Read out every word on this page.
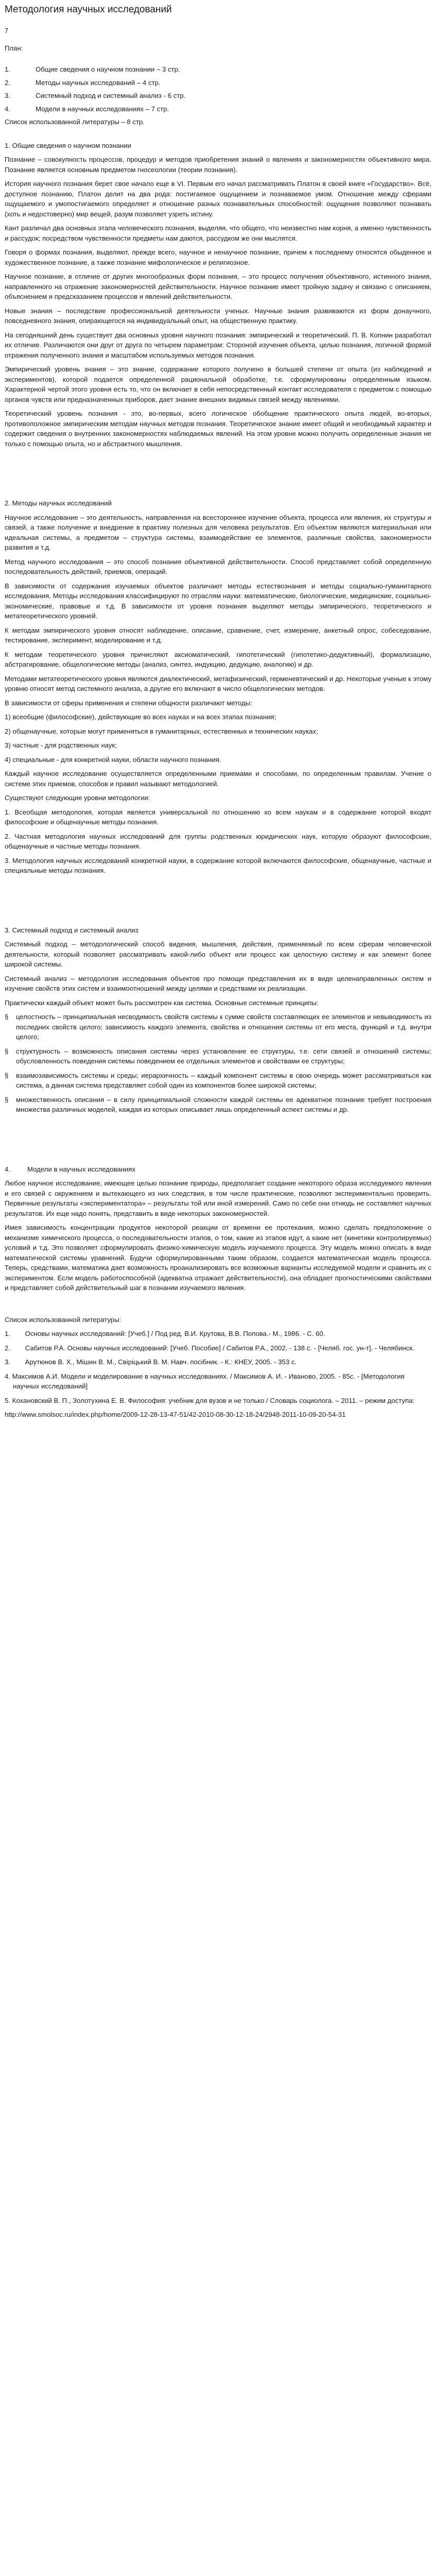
Методология научных исследований
7
План:
1.	Общие сведения о научном познании – 3 стр.
2.	Методы научных исследований – 4 стр.
3.	Системный подход и системный анализ - 6 стр.
4.	Модели в научных исследованиях – 7 стр.
Список использованной литературы – 8 стр.
1. Общие сведения о научном познании

Познание – совокупность процессов, процедур и методов приобретения знаний о явлениях и закономерностях объективного мира. Познание является основным предметом гносеологии (теории познания).

История научного познания берет свое начало еще в VI. Первым его начал рассматривать Платон в своей книге «Государство». Всё, доступное познанию, Платон делит на два рода: постигаемое ощущением и познаваемое умом. Отношение между сферами ощущаемого и умопостигаемого определяет и отношение разных познавательных способностей: ощущения позволяют познавать (хоть и недостоверно) мир вещей, разум позволяет узреть истину.

Кант различал два основных этапа человеческого познания, выделяя, что общего, что неизвестно нам корня, а именно чувственность и рассудок; посредством чувственности предметы нам даются, рассудком же они мыслятся.

Говоря о формах познания, выделяют, прежде всего, научное и ненаучное познание, причем к последнему относятся обыденное и художественное познание, а также познание мифологическое и религиозное.

Научное познание, в отличие от других многообразных форм познания, – это процесс получения объективного, истинного знания, направленного на отражение закономерностей действительности. Научное познание имеет тройную задачу и связано с описанием, объяснением и предсказанием процессов и явлений действительности.

Новые знания – последствие профессиональной деятельности ученых. Научные знания развиваются из форм донаучного, повседневного знания, опирающегося на индивидуальный опыт, на общественную практику.

На сегодняшний день существует два основных уровня научного познания: эмпирический и теоретический. П. В. Копнин разработал их отличие. Различаются они друг от друга по четырем параметрам: Стороной изучения объекта, целью познания, логичной формой отражения полученного знания и масштабом используемых методов познания.

Эмпирический уровень знания – это знание, содержание которого получено в большей степени от опыта (из наблюдений и экспериментов), которой подается определенной рациональной обработке, т.е. сформулированы определенным языком. Характерной чертой этого уровня есть то, что он включает в себя непосредственный контакт исследователя с предметом с помощью органов чувств или предназначенных приборов, дает знание внешних видимых связей между явлениями.

Теоретический уровень познания - это, во-первых, всего логическое обобщение практического опыта людей, во-вторых, противоположное эмпирическим методам научных методов познания. Теоретическое знание имеет общий и необходимый характер и содержит сведения о внутренних закономерностях наблюдаемых явлений. На этом уровне можно получить определенные знания не только с помощью опыта, но и абстрактного мышления.

2. Методы научных исследований

Научное исследование – это деятельность, направленная на всестороннее изучение объекта, процесса или явления, их структуры и связей, а также получение и внедрение в практику полезных для человека результатов. Его объектом являются материальная или идеальная системы, а предметом – структура системы, взаимодействие ее элементов, различные свойства, закономерности развития и т.д.

Метод научного исследования – это способ познания объективной действительности. Способ представляет собой определенную последовательность действий, приемов, операций.

В зависимости от содержания изучаемых объектов различают методы естествознания и методы социально-гуманитарного исследования. Методы исследования классифицируют по отраслям науки: математические, биологические, медицинские, социально-экономические, правовые и т.д. В зависимости от уровня познания выделяют методы эмпирического, теоретического и метатеоретического уровней.

К методам эмпирического уровня относят наблюдение, описание, сравнение, счет, измерение, анкетный опрос, собеседование, тестирование, эксперимент, моделирование и т.д.

К методам теоретического уровня причисляют аксиоматический, гипотетический (гипотетико-дедуктивный), формализацию, абстрагирование, общелогические методы (анализ, синтез, индукцию, дедукцию, аналогию) и др.

Методами метатеоретического уровня являются диалектический, метафизический, герменевтический и др. Некоторые ученые к этому уровню относят метод системного анализа, а другие его включают в число общелогических методов.

В зависимости от сферы применения и степени общности различают методы:

1) всеобщие (философские), действующие во всех науках и на всех этапах познания;

2) общенаучные, которые могут применяться в гуманитарных, естественных и технических науках;

3) частные - для родственных наук;

4) специальные - для конкретной науки, области научного познания.

Каждый научное исследование осуществляется определенными приемами и способами, по определенным правилам. Учение о системе этих приемов, способов и правил называют методологией.

Существуют следующие уровни методологии:

1. Всеобщая методология, которая является универсальной по отношению ко всем наукам и в содержание которой входят философские и общенаучные методы познания.

2. Частная методология научных исследований для группы родственных юридических наук, которую образуют философские, общенаучные и частные методы познания.

3. Методология научных исследований конкретной науки, в содержание которой включаются философские, общенаучные, частные и специальные методы познания.

3. Системный подход и системный анализ

Системный подход – методологический способ видения, мышления, действия, применяемый по всем сферам человеческой деятельности, который позволяет рассматривать какой-либо объект или процесс как целостную систему и как элемент более широкой системы.

Системный анализ – методология исследования объектов про помощи представления их в виде целенаправленных систем и изучение свойств этих систем и взаимоотношений между целями и средствами их реализации.

Практически каждый объект может быть рассмотрен как система. Основные системные принципы:

§	целостность – принципиальная несводимость свойств системы к сумме свойств составляющих ее элементов и невыводимость из последних свойств целого; зависимость каждого элемента, свойства и отношения системы от его места, функций и т.д. внутри целого;
§	структурность – возможность описания системы через установление ее структуры, т.е. сети связей и отношений системы; обусловленность поведения системы поведением ее отдельных элементов и свойствами ее структуры;
§	взаимозависимость системы и среды; иерархичность – каждый компонент системы в свою очередь может рассматриваться как система, а данная система представляет собой один из компонентов более широкой системы;
§	множественность описания – в силу принципиальной сложности каждой системы ее адекватное познание требует построения множества различных моделей, каждая из которых описывает лишь определенный аспект системы и др.
4.	Модели в научных исследованиях

Любое научное исследование, имеющее целью познание природы, предполагает создание некоторого образа исследуемого явления и его связей с окружением и вытекающего из них следствия, в том числе практические, позволяют экспериментально проверить. Первичные результаты «экспериментатора» – результаты той или иной измерений. Само по себе они отнюдь не составляют научных результатов. Их еще надо понять, представить в виде некоторых закономерностей.

Имея зависимость концентрации продуктов некоторой реакции от времени ее протекания, можно сделать предположение о механизме химического процесса, о последовательности этапов, о том, какие из этапов идут, а какие нет (кинетики контролируемых) условий и т.д. Это позволяет сформулировать физико-химическую модель изучаемого процесса. Эту модель можно описать в виде математической системы уравнений. Будучи сформулированными таким образом, создается математическая модель процесса. Теперь, средствами, математика дает возможность проанализировать все возможные варианты исследуемой модели и сравнить их с экспериментом. Если модель работоспособной (адекватна отражает действительности), она обладает прогностическими свойствами и представляет собой действительный шаг в познании изучаемого явления.

Список использованной литературы:
1. Основы научных исследований: [Учеб.] / Под ред. В.И. Крутова, В.В. Попова.- М., 1986. - С. 60.
2. Сабитов Р.А. Основы научных исследований: [Учеб. Пособие] / Сабитов Р.А., 2002. - 138 с. - [Челяб. гос. ун-т]. - Челябинск.
3. Арутюнов В. Х., Мішин В. М., Свіріцький В. М. Навч. посібник. - К.: КНЕУ, 2005. - 353 с.
4. Максимов А.И. Модели и моделирование в научных исследованиях. / Максимов А. И. - Иваново, 2005. - 85с. - [Методология научных исследований]
5. Кохановский В. П., Золотухина Е. В. Философия: учебник для вузов и не только / Словарь социолога. – 2011. – режим доступа:
http://www.smolsoc.ru/index.php/home/2009-12-28-13-47-51/42-2010-08-30-12-18-24/2948-2011-10-09-20-54-31
